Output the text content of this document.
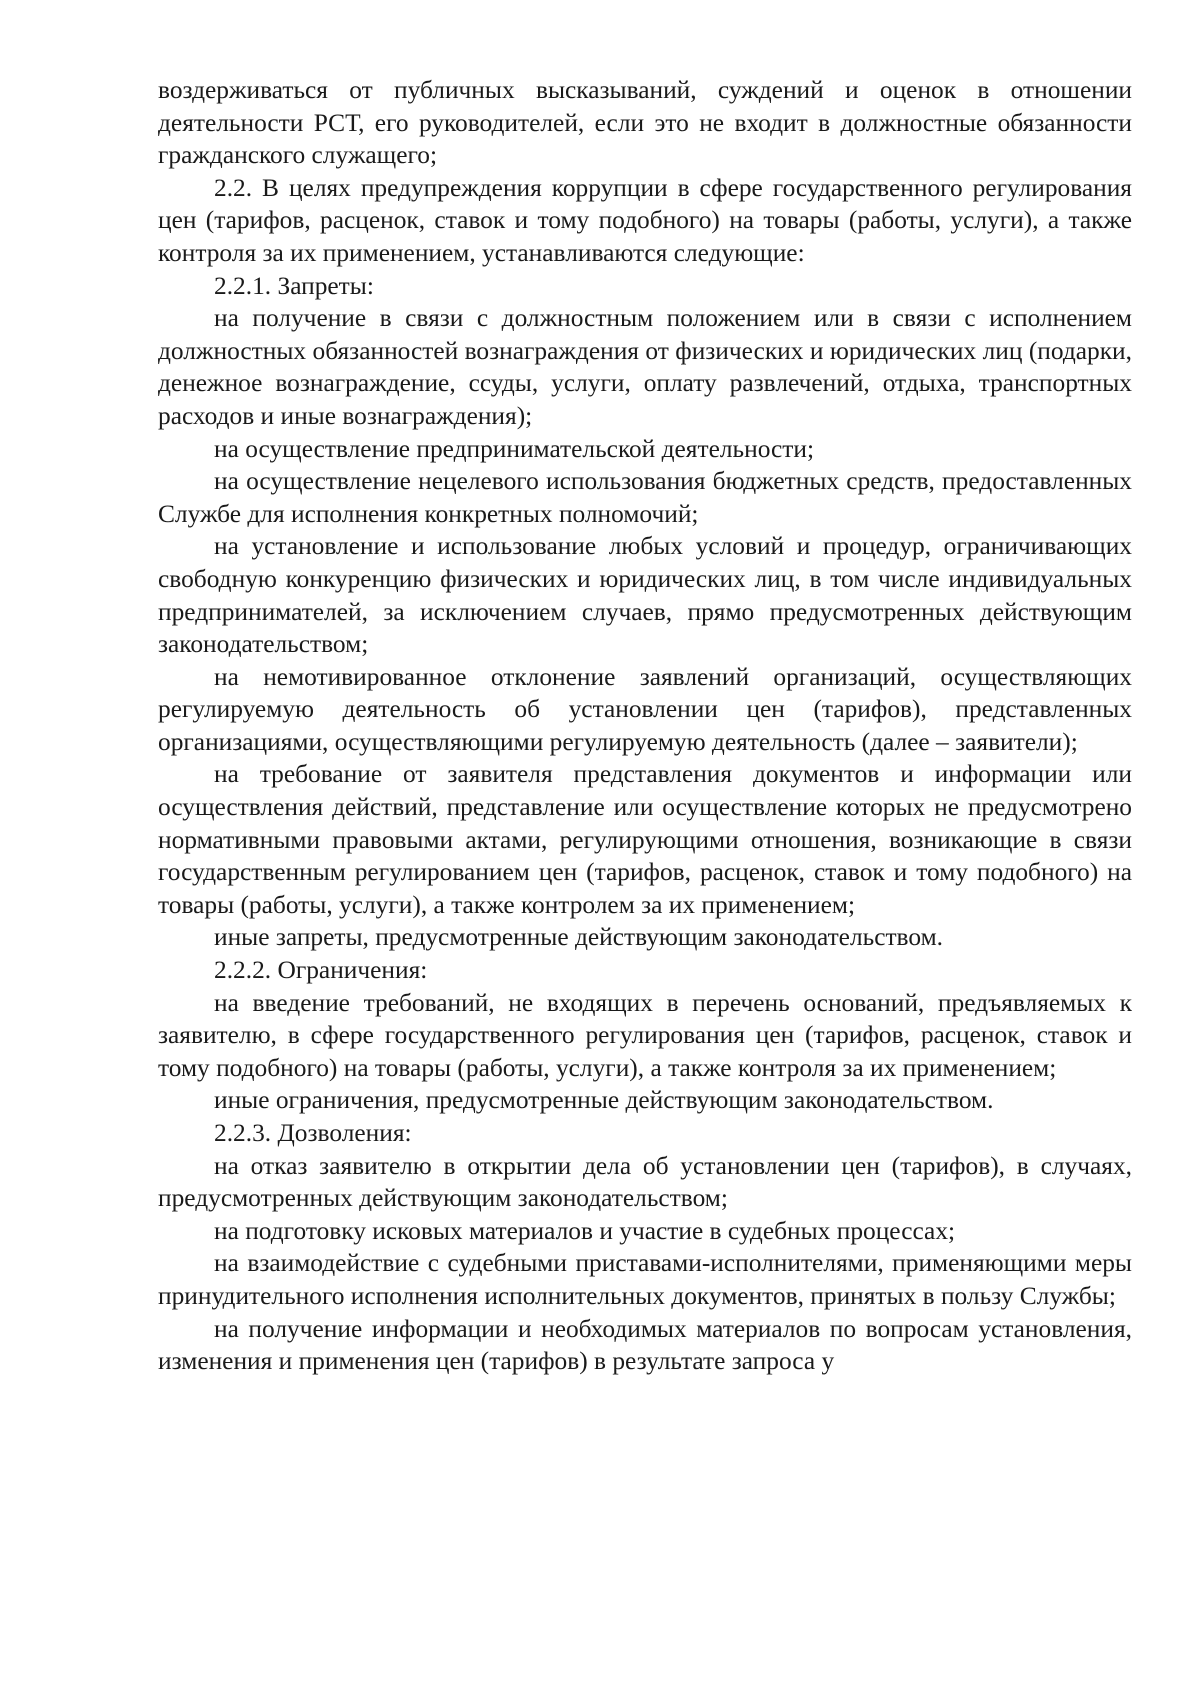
воздерживаться от публичных высказываний, суждений и оценок в отношении деятельности РСТ, его руководителей, если это не входит в должностные обязанности гражданского служащего;

2.2. В целях предупреждения коррупции в сфере государственного регулирования цен (тарифов, расценок, ставок и тому подобного) на товары (работы, услуги), а также контроля за их применением, устанавливаются следующие:

2.2.1. Запреты:

на получение в связи с должностным положением или в связи с исполнением должностных обязанностей вознаграждения от физических и юридических лиц (подарки, денежное вознаграждение, ссуды, услуги, оплату развлечений, отдыха, транспортных расходов и иные вознаграждения);

на осуществление предпринимательской деятельности;

на осуществление нецелевого использования бюджетных средств, предоставленных Службе для исполнения конкретных полномочий;

на установление и использование любых условий и процедур, ограничивающих свободную конкуренцию физических и юридических лиц, в том числе индивидуальных предпринимателей, за исключением случаев, прямо предусмотренных действующим законодательством;

на немотивированное отклонение заявлений организаций, осуществляющих регулируемую деятельность об установлении цен (тарифов), представленных организациями, осуществляющими регулируемую деятельность (далее – заявители);

на требование от заявителя представления документов и информации или осуществления действий, представление или осуществление которых не предусмотрено нормативными правовыми актами, регулирующими отношения, возникающие в связи государственным регулированием цен (тарифов, расценок, ставок и тому подобного) на товары (работы, услуги), а также контролем за их применением;

иные запреты, предусмотренные действующим законодательством.

2.2.2. Ограничения:

на введение требований, не входящих в перечень оснований, предъявляемых к заявителю, в сфере государственного регулирования цен (тарифов, расценок, ставок и тому подобного) на товары (работы, услуги), а также контроля за их применением;

иные ограничения, предусмотренные действующим законодательством.

2.2.3. Дозволения:

на отказ заявителю в открытии дела об установлении цен (тарифов), в случаях, предусмотренных действующим законодательством;

на подготовку исковых материалов и участие в судебных процессах;

на взаимодействие с судебными приставами-исполнителями, применяющими меры принудительного исполнения исполнительных документов, принятых в пользу Службы;

на получение информации и необходимых материалов по вопросам установления, изменения и применения цен (тарифов) в результате запроса у
